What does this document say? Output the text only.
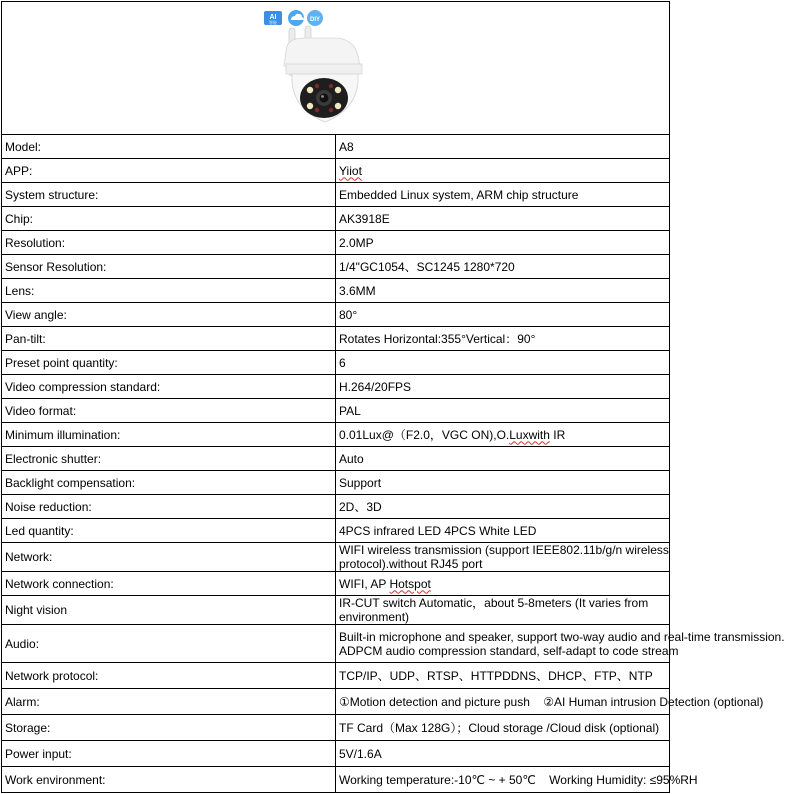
AI
智能 DIY	

Model:	A8
APP:	Yiiot
System structure:	Embedded Linux system, ARM chip structure
Chip:	AK3918E
Resolution:	2.0MP
Sensor Resolution:	1/4"GC1054、SC1245 1280*720
Lens:	3.6MM
View angle:	80°
Pan-tilt:	Rotates Horizontal:355°Vertical：90°
Preset point quantity:	6
Video compression standard:	H.264/20FPS
Video format:	PAL
Minimum illumination:	0.01Lux@（F2.0，VGC ON),O.Luxwith IR
Electronic shutter:	Auto
Backlight compensation:	Support
Noise reduction:	2D、3D
Led quantity:	4PCS infrared LED 4PCS White LED
Network:	WIFI wireless transmission (support IEEE802.11b/g/n wireless protocol).without RJ45 port
Network connection:	WIFI, AP Hotspot
Night vision	IR-CUT switch Automatic，about 5-8meters (It varies from environment)
Audio:	Built-in microphone and speaker, support two-way audio and real-time transmission.
ADPCM audio compression standard, self-adapt to code stream

Network protocol:	TCP/IP、UDP、RTSP、HTTPDDNS、DHCP、FTP、NTP
Alarm:	①Motion detection and picture push    ②AI Human intrusion Detection (optional)
Storage:	TF Card（Max 128G）；Cloud storage /Cloud disk (optional)
Power input:	5V/1.6A
Work environment:	Working temperature:-10℃ ~ + 50℃    Working Humidity: ≤95%RH
